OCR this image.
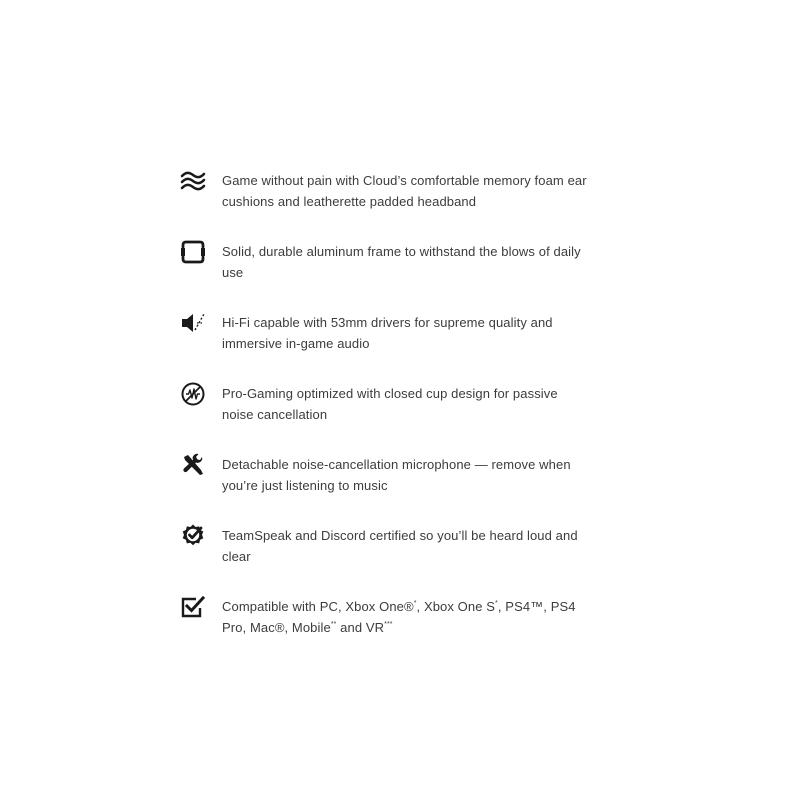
Game without pain with Cloud’s comfortable memory foam ear
cushions and leatherette padded headband
Solid, durable aluminum frame to withstand the blows of daily
use
Hi-Fi capable with 53mm drivers for supreme quality and
immersive in-game audio
Pro-Gaming optimized with closed cup design for passive
noise cancellation
Detachable noise-cancellation microphone — remove when
you’re just listening to music
TeamSpeak and Discord certified so you’ll be heard loud and
clear
Compatible with PC, Xbox One®*, Xbox One S*, PS4™, PS4
Pro, Mac®, Mobile** and VR***
